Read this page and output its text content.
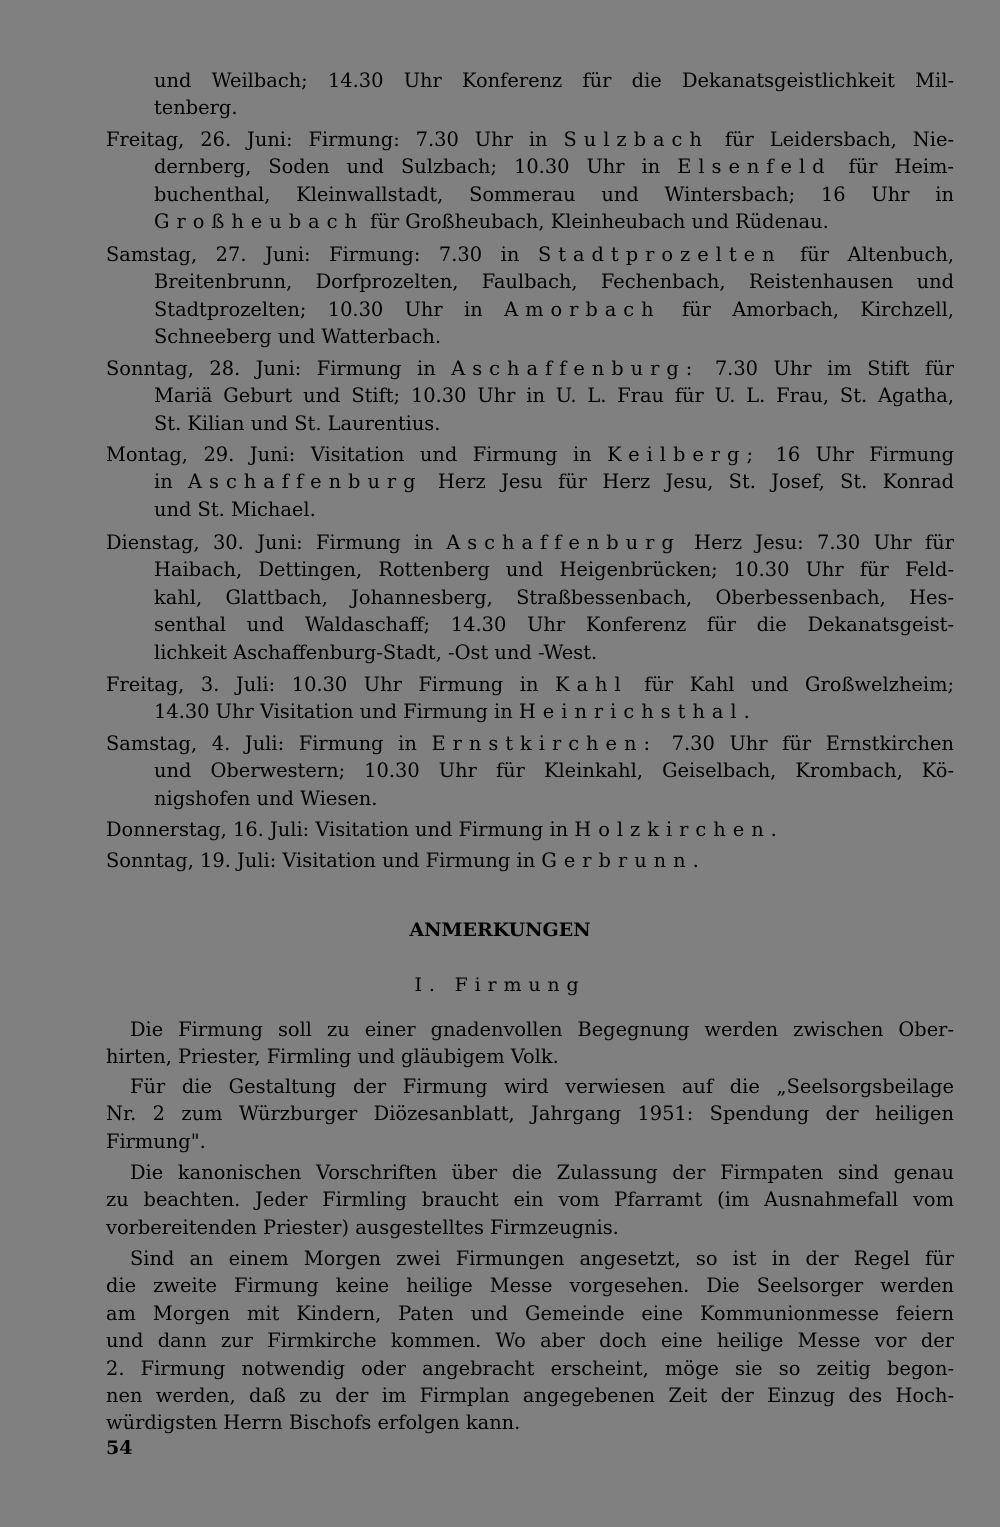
und Weilbach; 14.30 Uhr Konferenz für die Dekanatsgeistlichkeit Mil-
tenberg.
Freitag, 26. Juni: Firmung: 7.30 Uhr in Sulzbach für Leidersbach, Nie-
dernberg, Soden und Sulzbach; 10.30 Uhr in Elsenfeld für Heim-
buchenthal, Kleinwallstadt, Sommerau und Wintersbach; 16 Uhr in
Großheubach für Großheubach, Kleinheubach und Rüdenau.
Samstag, 27. Juni: Firmung: 7.30 in Stadtprozelten für Altenbuch,
Breitenbrunn, Dorfprozelten, Faulbach, Fechenbach, Reistenhausen und
Stadtprozelten; 10.30 Uhr in Amorbach für Amorbach, Kirchzell,
Schneeberg und Watterbach.
Sonntag, 28. Juni: Firmung in Aschaffenburg: 7.30 Uhr im Stift für
Mariä Geburt und Stift; 10.30 Uhr in U. L. Frau für U. L. Frau, St. Agatha,
St. Kilian und St. Laurentius.
Montag, 29. Juni: Visitation und Firmung in Keilberg; 16 Uhr Firmung
in Aschaffenburg Herz Jesu für Herz Jesu, St. Josef, St. Konrad
und St. Michael.
Dienstag, 30. Juni: Firmung in Aschaffenburg Herz Jesu: 7.30 Uhr für
Haibach, Dettingen, Rottenberg und Heigenbrücken; 10.30 Uhr für Feld-
kahl, Glattbach, Johannesberg, Straßbessenbach, Oberbessenbach, Hes-
senthal und Waldaschaff; 14.30 Uhr Konferenz für die Dekanatsgeist-
lichkeit Aschaffenburg-Stadt, -Ost und -West.
Freitag, 3. Juli: 10.30 Uhr Firmung in Kahl für Kahl und Großwelzheim;
14.30 Uhr Visitation und Firmung in Heinrichsthal.
Samstag, 4. Juli: Firmung in Ernstkirchen: 7.30 Uhr für Ernstkirchen
und Oberwestern; 10.30 Uhr für Kleinkahl, Geiselbach, Krombach, Kö-
nigshofen und Wiesen.
Donnerstag, 16. Juli: Visitation und Firmung in Holzkirchen.
Sonntag, 19. Juli: Visitation und Firmung in Gerbrunn.
ANMERKUNGEN
I. Firmung
Die Firmung soll zu einer gnadenvollen Begegnung werden zwischen Ober-
hirten, Priester, Firmling und gläubigem Volk.
Für die Gestaltung der Firmung wird verwiesen auf die „Seelsorgsbeilage
Nr. 2 zum Würzburger Diözesanblatt, Jahrgang 1951: Spendung der heiligen
Firmung".
Die kanonischen Vorschriften über die Zulassung der Firmpaten sind genau
zu beachten. Jeder Firmling braucht ein vom Pfarramt (im Ausnahmefall vom
vorbereitenden Priester) ausgestelltes Firmzeugnis.
Sind an einem Morgen zwei Firmungen angesetzt, so ist in der Regel für
die zweite Firmung keine heilige Messe vorgesehen. Die Seelsorger werden
am Morgen mit Kindern, Paten und Gemeinde eine Kommunionmesse feiern
und dann zur Firmkirche kommen. Wo aber doch eine heilige Messe vor der
2. Firmung notwendig oder angebracht erscheint, möge sie so zeitig begon-
nen werden, daß zu der im Firmplan angegebenen Zeit der Einzug des Hoch-
würdigsten Herrn Bischofs erfolgen kann.
54
